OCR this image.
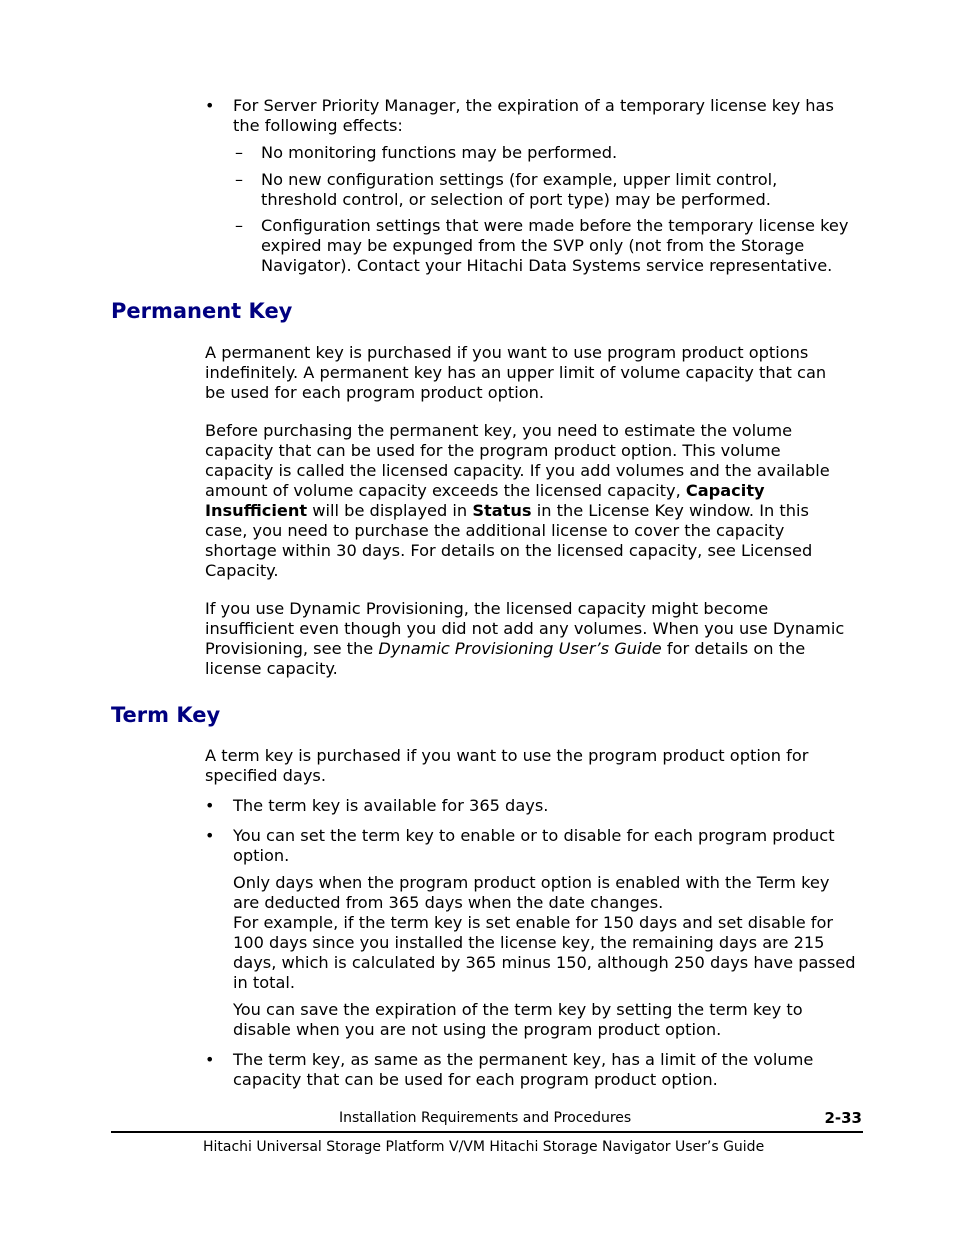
• For Server Priority Manager, the expiration of a temporary license key has the following effects:
– No monitoring functions may be performed.
– No new configuration settings (for example, upper limit control, threshold control, or selection of port type) may be performed.
– Configuration settings that were made before the temporary license key expired may be expunged from the SVP only (not from the Storage Navigator). Contact your Hitachi Data Systems service representative.
Permanent Key
A permanent key is purchased if you want to use program product options indefinitely. A permanent key has an upper limit of volume capacity that can be used for each program product option.
Before purchasing the permanent key, you need to estimate the volume capacity that can be used for the program product option. This volume capacity is called the licensed capacity. If you add volumes and the available amount of volume capacity exceeds the licensed capacity, Capacity Insufficient will be displayed in Status in the License Key window. In this case, you need to purchase the additional license to cover the capacity shortage within 30 days. For details on the licensed capacity, see Licensed Capacity.
If you use Dynamic Provisioning, the licensed capacity might become insufficient even though you did not add any volumes. When you use Dynamic Provisioning, see the Dynamic Provisioning User’s Guide for details on the license capacity.
Term Key
A term key is purchased if you want to use the program product option for specified days.
• The term key is available for 365 days.
• You can set the term key to enable or to disable for each program product option.
Only days when the program product option is enabled with the Term key are deducted from 365 days when the date changes.
For example, if the term key is set enable for 150 days and set disable for 100 days since you installed the license key, the remaining days are 215 days, which is calculated by 365 minus 150, although 250 days have passed in total.
You can save the expiration of the term key by setting the term key to disable when you are not using the program product option.
• The term key, as same as the permanent key, has a limit of the volume capacity that can be used for each program product option.
Installation Requirements and Procedures	2-33
Hitachi Universal Storage Platform V/VM Hitachi Storage Navigator User’s Guide
